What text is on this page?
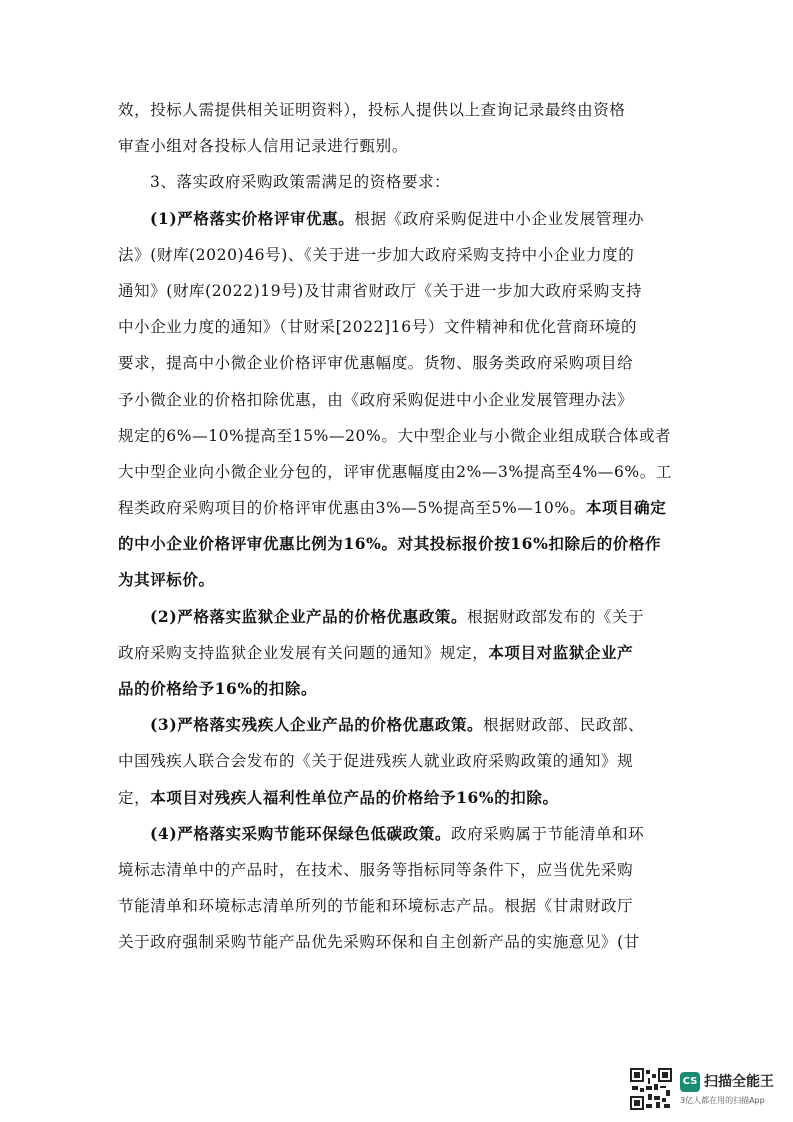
效，投标人需提供相关证明资料），投标人提供以上查询记录最终由资格
审查小组对各投标人信用记录进行甄别。
3、落实政府采购政策需满足的资格要求：
(1)严格落实价格评审优惠。根据《政府采购促进中小企业发展管理办
法》(财库(2020)46号)、《关于进一步加大政府采购支持中小企业力度的
通知》(财库(2022)19号)及甘肃省财政厅《关于进一步加大政府采购支持
中小企业力度的通知》（甘财采[2022]16号）文件精神和优化营商环境的
要求，提高中小微企业价格评审优惠幅度。货物、服务类政府采购项目给
予小微企业的价格扣除优惠，由《政府采购促进中小企业发展管理办法》
规定的6%—10%提高至15%—20%。大中型企业与小微企业组成联合体或者
大中型企业向小微企业分包的，评审优惠幅度由2%—3%提高至4%—6%。工
程类政府采购项目的价格评审优惠由3%—5%提高至5%—10%。本项目确定
的中小企业价格评审优惠比例为16%。对其投标报价按16%扣除后的价格作
为其评标价。
(2)严格落实监狱企业产品的价格优惠政策。根据财政部发布的《关于
政府采购支持监狱企业发展有关问题的通知》规定，本项目对监狱企业产
品的价格给予16%的扣除。
(3)严格落实残疾人企业产品的价格优惠政策。根据财政部、民政部、
中国残疾人联合会发布的《关于促进残疾人就业政府采购政策的通知》规
定，本项目对残疾人福利性单位产品的价格给予16%的扣除。
(4)严格落实采购节能环保绿色低碳政策。政府采购属于节能清单和环
境标志清单中的产品时，在技术、服务等指标同等条件下，应当优先采购
节能清单和环境标志清单所列的节能和环境标志产品。根据《甘肃财政厅
关于政府强制采购节能产品优先采购环保和自主创新产品的实施意见》(甘
CS 扫描全能王
3亿人都在用的扫描App
